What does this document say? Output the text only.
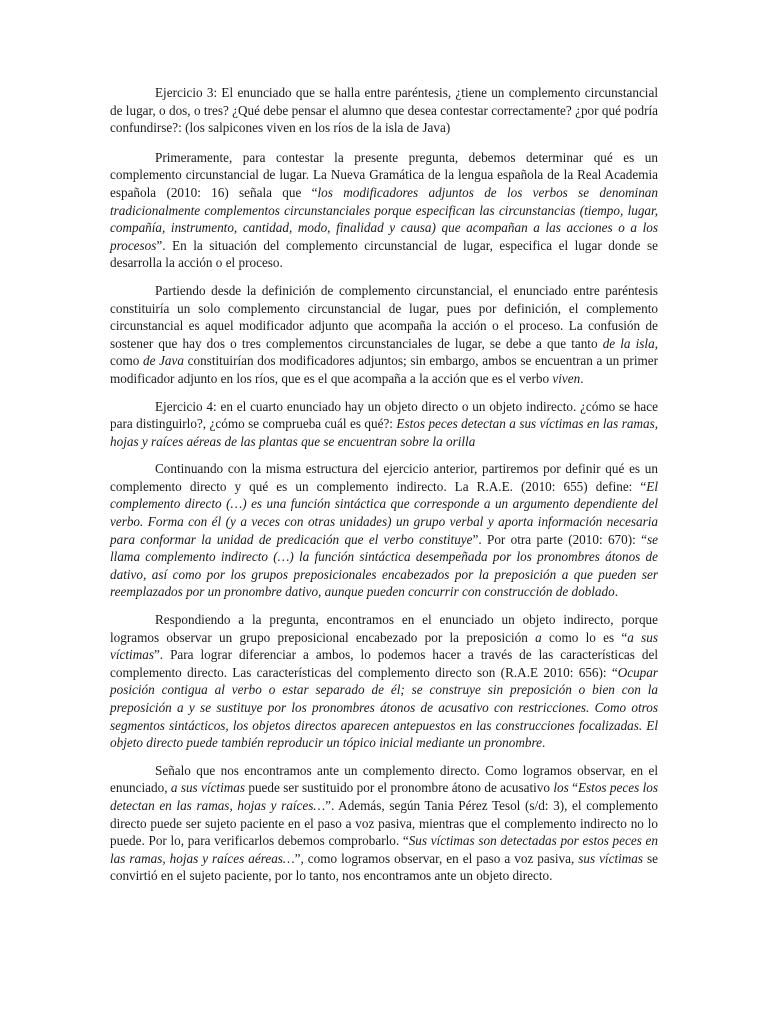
Ejercicio 3: El enunciado que se halla entre paréntesis, ¿tiene un complemento circunstancial de lugar, o dos, o tres? ¿Qué debe pensar el alumno que desea contestar correctamente? ¿por qué podría confundirse?: (los salpicones viven en los ríos de la isla de Java)

Primeramente, para contestar la presente pregunta, debemos determinar qué es un complemento circunstancial de lugar. La Nueva Gramática de la lengua española de la Real Academia española (2010: 16) señala que “los modificadores adjuntos de los verbos se denominan tradicionalmente complementos circunstanciales porque especifican las circunstancias (tiempo, lugar, compañía, instrumento, cantidad, modo, finalidad y causa) que acompañan a las acciones o a los procesos”. En la situación del complemento circunstancial de lugar, especifica el lugar donde se desarrolla la acción o el proceso.

Partiendo desde la definición de complemento circunstancial, el enunciado entre paréntesis constituiría un solo complemento circunstancial de lugar, pues por definición, el complemento circunstancial es aquel modificador adjunto que acompaña la acción o el proceso. La confusión de sostener que hay dos o tres complementos circunstanciales de lugar, se debe a que tanto de la isla, como de Java constituirían dos modificadores adjuntos; sin embargo, ambos se encuentran a un primer modificador adjunto en los ríos, que es el que acompaña a la acción que es el verbo viven.

Ejercicio 4: en el cuarto enunciado hay un objeto directo o un objeto indirecto. ¿cómo se hace para distinguirlo?, ¿cómo se comprueba cuál es qué?: Estos peces detectan a sus víctimas en las ramas, hojas y raíces aéreas de las plantas que se encuentran sobre la orilla

Continuando con la misma estructura del ejercicio anterior, partiremos por definir qué es un complemento directo y qué es un complemento indirecto. La R.A.E. (2010: 655) define: “El complemento directo (…) es una función sintáctica que corresponde a un argumento dependiente del verbo. Forma con él (y a veces con otras unidades) un grupo verbal y aporta información necesaria para conformar la unidad de predicación que el verbo constituye”. Por otra parte (2010: 670): “se llama complemento indirecto (…) la función sintáctica desempeñada por los pronombres átonos de dativo, así como por los grupos preposicionales encabezados por la preposición a que pueden ser reemplazados por un pronombre dativo, aunque pueden concurrir con construcción de doblado.

Respondiendo a la pregunta, encontramos en el enunciado un objeto indirecto, porque logramos observar un grupo preposicional encabezado por la preposición a como lo es “a sus víctimas”. Para lograr diferenciar a ambos, lo podemos hacer a través de las características del complemento directo. Las características del complemento directo son (R.A.E 2010: 656): “Ocupar posición contigua al verbo o estar separado de él; se construye sin preposición o bien con la preposición a y se sustituye por los pronombres átonos de acusativo con restricciones. Como otros segmentos sintácticos, los objetos directos aparecen antepuestos en las construcciones focalizadas. El objeto directo puede también reproducir un tópico inicial mediante un pronombre.

Señalo que nos encontramos ante un complemento directo. Como logramos observar, en el enunciado, a sus víctimas puede ser sustituido por el pronombre átono de acusativo los “Estos peces los detectan en las ramas, hojas y raíces…”. Además, según Tania Pérez Tesol (s/d: 3), el complemento directo puede ser sujeto paciente en el paso a voz pasiva, mientras que el complemento indirecto no lo puede. Por lo, para verificarlos debemos comprobarlo. “Sus víctimas son detectadas por estos peces en las ramas, hojas y raíces aéreas…”, como logramos observar, en el paso a voz pasiva, sus víctimas se convirtió en el sujeto paciente, por lo tanto, nos encontramos ante un objeto directo.
